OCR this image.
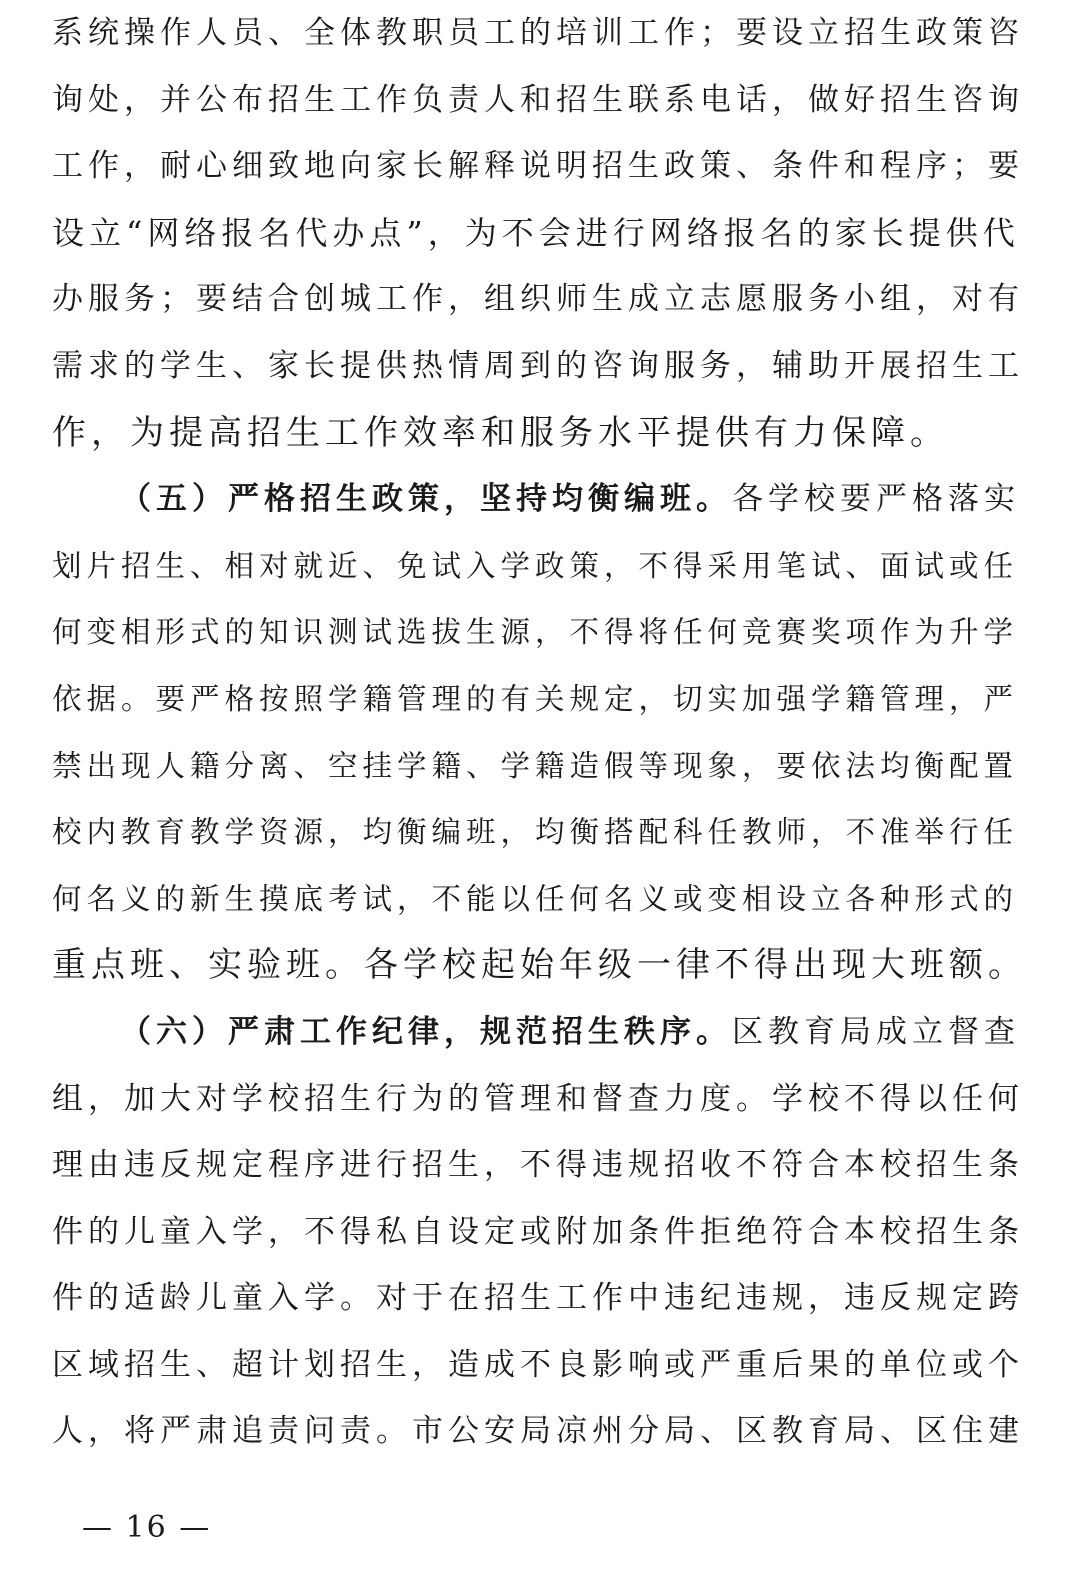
系统操作人员、全体教职员工的培训工作；要设立招生政策咨
询处，并公布招生工作负责人和招生联系电话，做好招生咨询
工作，耐心细致地向家长解释说明招生政策、条件和程序；要
设立“网络报名代办点”，为不会进行网络报名的家长提供代
办服务；要结合创城工作，组织师生成立志愿服务小组，对有
需求的学生、家长提供热情周到的咨询服务，辅助开展招生工
作，为提高招生工作效率和服务水平提供有力保障。
（五）严格招生政策，坚持均衡编班。各学校要严格落实
划片招生、相对就近、免试入学政策，不得采用笔试、面试或任
何变相形式的知识测试选拔生源，不得将任何竞赛奖项作为升学
依据。要严格按照学籍管理的有关规定，切实加强学籍管理，严
禁出现人籍分离、空挂学籍、学籍造假等现象，要依法均衡配置
校内教育教学资源，均衡编班，均衡搭配科任教师，不准举行任
何名义的新生摸底考试，不能以任何名义或变相设立各种形式的
重点班、实验班。各学校起始年级一律不得出现大班额。
（六）严肃工作纪律，规范招生秩序。区教育局成立督查
组，加大对学校招生行为的管理和督查力度。学校不得以任何
理由违反规定程序进行招生，不得违规招收不符合本校招生条
件的儿童入学，不得私自设定或附加条件拒绝符合本校招生条
件的适龄儿童入学。对于在招生工作中违纪违规，违反规定跨
区域招生、超计划招生，造成不良影响或严重后果的单位或个
人，将严肃追责问责。市公安局凉州分局、区教育局、区住建
— 16 —
